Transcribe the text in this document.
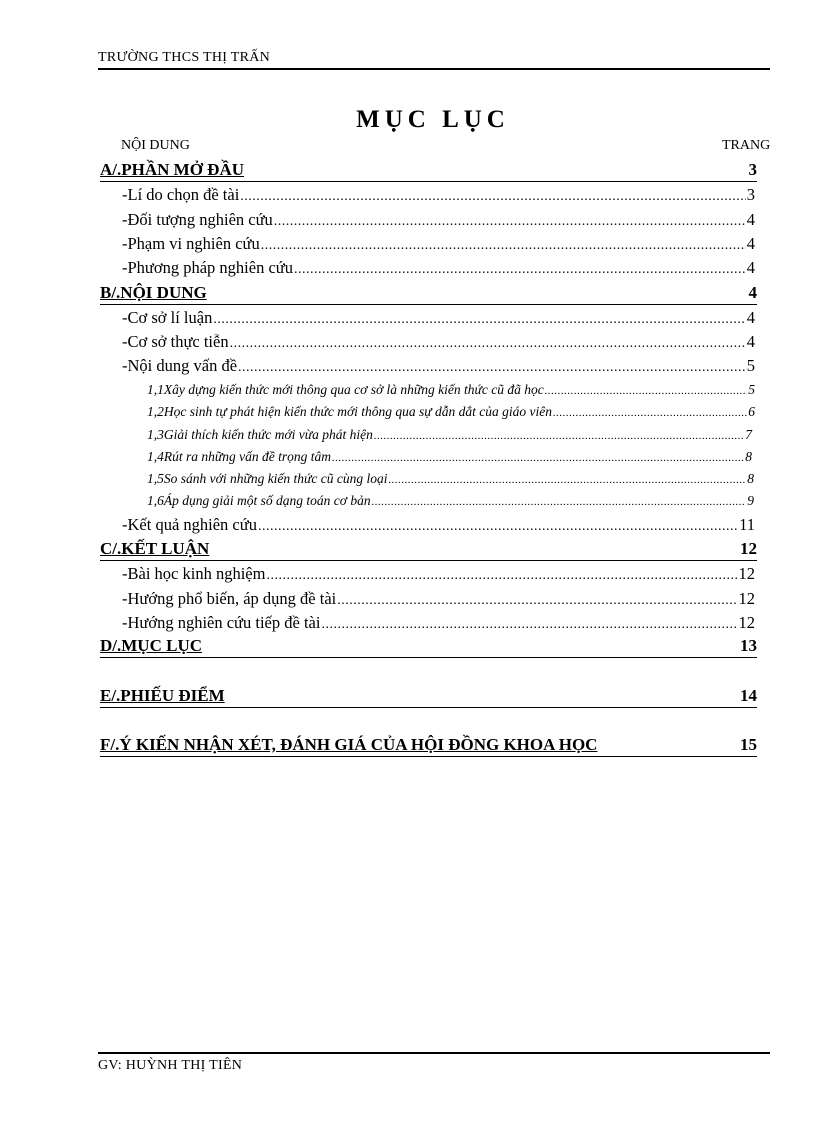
TRƯỜNG THCS THỊ TRẤN
MỤC LỤC
NỘI DUNG	TRANG
A/.PHẦN MỞ ĐẦU	3
-Lí do chọn đề tài .....	3
-Đối tượng nghiên cứu .....	4
-Phạm vi nghiên cứu .....	4
-Phương pháp nghiên cứu .....	4
B/.NỘI DUNG	4
-Cơ sở lí luận .....	4
-Cơ sở thực tiễn .....	4
-Nội dung vấn đề .....	5
1,1Xây dựng kiến thức mới thông qua cơ sở là những kiến thức cũ đã học .....	5
1,2Học sinh tự phát hiện kiến thức mới thông qua sự dẫn dắt của giáo viên .....	6
1,3Giải thích kiến thức mới vừa phát hiện .....	7
1,4Rút ra những vấn đề trọng tâm .....	8
1,5So sánh với những kiến thức cũ cùng loại .....	8
1,6Áp dụng giải một số dạng toán cơ bản .....	9
-Kết quả nghiên cứu .....	11
C/.KẾT LUẬN	12
-Bài học kinh nghiệm .....	12
-Hướng phổ biến, áp dụng đề tài .....	12
-Hướng nghiên cứu tiếp đề tài .....	12
D/.MỤC LỤC	13
E/.PHIẾU ĐIỂM	14
F/.Ý KIẾN NHẬN XÉT, ĐÁNH GIÁ CỦA HỘI ĐỒNG KHOA HỌC	15
GV: HUỲNH THỊ TIÊN
